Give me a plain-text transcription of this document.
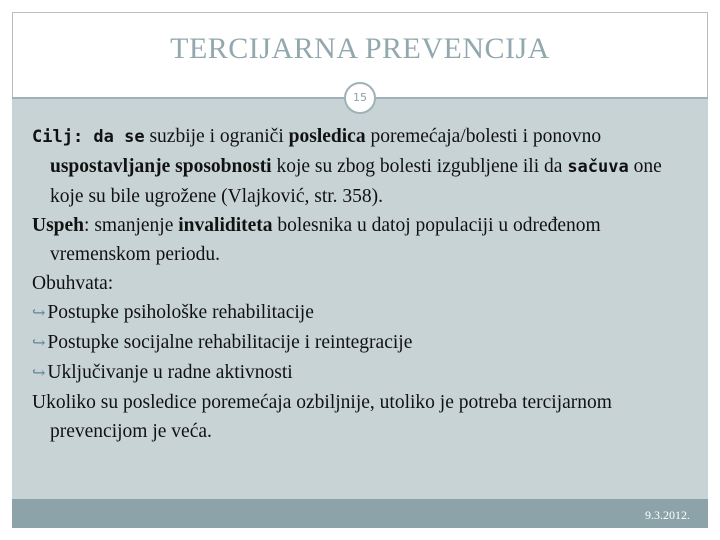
TERCIJARNA PREVENCIJA
15

Cilj: da se suzbije i ograniči posledica poremećaja/bolesti i ponovno uspostavljanje sposobnosti koje su zbog bolesti izgubljene ili da sačuva one koje su bile ugrožene (Vlajković, str. 358).

Uspeh: smanjenje invaliditeta bolesnika u datoj populaciji u određenom vremenskom periodu.

Obuhvata:

↪ Postupke psihološke rehabilitacije

↪ Postupke socijalne rehabilitacije i reintegracije

↪ Uključivanje u radne aktivnosti

Ukoliko su posledice poremećaja ozbiljnije, utoliko je potreba tercijarnom prevencijom je veća.

9.3.2012.
